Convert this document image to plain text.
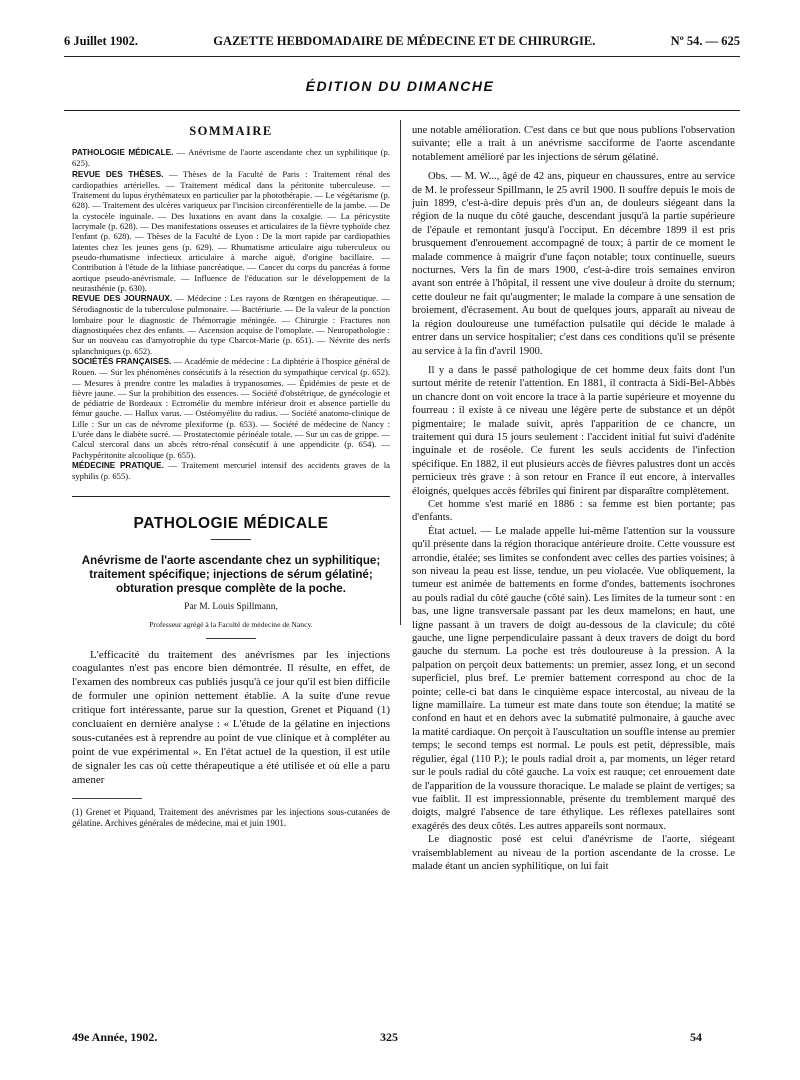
6 Juillet 1902.	GAZETTE HEBDOMADAIRE DE MÉDECINE ET DE CHIRURGIE.	Nº 54. — 625
ÉDITION DU DIMANCHE
SOMMAIRE

PATHOLOGIE MÉDICALE. — Anévrisme de l'aorte ascendante chez un syphilitique (p. 625).

REVUE DES THÈSES. — Thèses de la Faculté de Paris : Traitement rénal des cardiopathies artérielles. — Traitement médical dans la péritonite tuberculeuse. — Traitement du lupus érythémateux en particulier par la photothérapie. — Le végétarisme (p. 628). — Traitement des ulcères variqueux par l'incision circonférentielle de la jambe. — De la cystocèle inguinale. — Des luxations en avant dans la coxalgie. — La péricystite lacrymale (p. 628). — Des manifestations osseuses et articulaires de la fièvre typhoïde chez l'enfant (p. 628). — Thèses de la Faculté de Lyon : De la mort rapide par cardiopathies latentes chez les jeunes gens (p. 629). — Rhumatisme articulaire aigu tuberculeux ou pseudo-rhumatisme infectieux articulaire à marche aiguë, d'origine bacillaire. — Contribution à l'étude de la lithiase pancréatique. — Cancer du corps du pancréas à forme aortique pseudo-anévrismale. — Influence de l'éducation sur le développement de la neurasthénie (p. 630).

REVUE DES JOURNAUX. — Médecine : Les rayons de Rœntgen en thérapeutique. — Sérodiagnostic de la tuberculose pulmonaire. — Bactériurie. — De la valeur de la ponction lombaire pour le diagnostic de l'hémorragie méningée. — Chirurgie : Fractures non diagnostiquées chez des enfants. — Ascension acquise de l'omoplate. — Neuropathologie : Sur un nouveau cas d'amyotrophie du type Charcot-Marie (p. 651). — Névrite des nerfs splanchniques (p. 652).

SOCIÉTÉS FRANÇAISES. — Académie de médecine : La diphtérie à l'hospice général de Rouen. — Sur les phénomènes consécutifs à la résection du sympathique cervical (p. 652). — Mesures à prendre contre les maladies à trypanosomes. — Épidémies de peste et de fièvre jaune. — Sur la prohibition des essences. — Société d'obstétrique, de gynécologie et de pédiatrie de Bordeaux : Ectromélie du membre inférieur droit et absence partielle du fémur gauche. — Hallux varus. — Ostéomyélite du radius. — Société anatomo-clinique de Lille : Sur un cas de névrome plexiforme (p. 653). — Société de médecine de Nancy : L'urée dans le diabète sucré. — Prostatectomie périnéale totale. — Sur un cas de grippe. — Calcul stercoral dans un abcès rétro-rénal consécutif à une appendicite (p. 654). — Pachypéritonite alcoolique (p. 655).

MÉDECINE PRATIQUE. — Traitement mercuriel intensif des accidents graves de la syphilis (p. 655).

PATHOLOGIE MÉDICALE
Anévrisme de l'aorte ascendante chez un syphilitique; traitement spécifique; injections de sérum gélatiné; obturation presque complète de la poche.
Par M. Louis Spillmann,
Professeur agrégé à la Faculté de médecine de Nancy.

L'efficacité du traitement des anévrismes par les injections coagulantes n'est pas encore bien démontrée. Il résulte, en effet, de l'examen des nombreux cas publiés jusqu'à ce jour qu'il est bien difficile de formuler une opinion nettement établie. A la suite d'une revue critique fort intéressante, parue sur la question, Grenet et Piquand (1) concluaient en dernière analyse : « L'étude de la gélatine en injections sous-cutanées est à reprendre au point de vue clinique et à compléter au point de vue expérimental ». En l'état actuel de la question, il est utile de signaler les cas où cette thérapeutique a été utilisée et où elle a paru amener

(1) Grenet et Piquand, Traitement des anévrismes par les injections sous-cutanées de gélatine. Archives générales de médecine, mai et juin 1901.

une notable amélioration. C'est dans ce but que nous publions l'observation suivante; elle a trait à un anévrisme sacciforme de l'aorte ascendante notablement amélioré par les injections de sérum gélatiné.

Obs. — M. W..., âgé de 42 ans, piqueur en chaussures, entre au service de M. le professeur Spillmann, le 25 avril 1900. Il souffre depuis le mois de juin 1899, c'est-à-dire depuis près d'un an, de douleurs siégeant dans la région de la nuque du côté gauche, descendant jusqu'à la partie supérieure de l'épaule et remontant jusqu'à l'occiput. En décembre 1899 il est pris brusquement d'enrouement accompagné de toux; à partir de ce moment le malade commence à maigrir d'une façon notable; toux continuelle, sueurs nocturnes. Vers la fin de mars 1900, c'est-à-dire trois semaines environ avant son entrée à l'hôpital, il ressent une vive douleur à droite du sternum; cette douleur ne fait qu'augmenter; le malade la compare à une sensation de broiement, d'écrasement. Au bout de quelques jours, apparaît au niveau de la région douloureuse une tuméfaction pulsatile qui décide le malade à entrer dans un service hospitalier; c'est dans ces conditions qu'il se présente au service à la fin d'avril 1900.

Il y a dans le passé pathologique de cet homme deux faits dont l'un surtout mérite de retenir l'attention. En 1881, il contracta à Sidi-Bel-Abbès un chancre dont on voit encore la trace à la partie supérieure et moyenne du fourreau : il existe à ce niveau une légère perte de substance et un dépôt pigmentaire; le malade suivit, après l'apparition de ce chancre, un traitement qui dura 15 jours seulement : l'accident initial fut suivi d'adénite inguinale et de roséole. Ce furent les seuls accidents de l'infection spécifique. En 1882, il eut plusieurs accès de fièvres palustres dont un accès pernicieux très grave : à son retour en France il eut encore, à intervalles éloignés, quelques accès fébriles qui finirent par disparaître complètement.

Cet homme s'est marié en 1886 : sa femme est bien portante; pas d'enfants.

État actuel. — Le malade appelle lui-même l'attention sur la voussure qu'il présente dans la région thoracique antérieure droite. Cette voussure est arrondie, étalée; ses limites se confondent avec celles des parties voisines; à son niveau la peau est lisse, tendue, un peu violacée. Vue obliquement, la tumeur est animée de battements en forme d'ondes, battements isochrones au pouls radial du côté gauche (côté sain). Les limites de la tumeur sont : en bas, une ligne transversale passant par les deux mamelons; en haut, une ligne passant à un travers de doigt au-dessous de la clavicule; du côté gauche, une ligne perpendiculaire passant à deux travers de doigt du bord gauche du sternum. La poche est très douloureuse à la pression. A la palpation on perçoit deux battements: un premier, assez long, et un second superficiel, plus bref. Le premier battement correspond au choc de la pointe; celle-ci bat dans le cinquième espace intercostal, au niveau de la ligne mamillaire. La tumeur est mate dans toute son étendue; la matité se confond en haut et en dehors avec la submatité pulmonaire, à gauche avec la matité cardiaque. On perçoit à l'auscultation un souffle intense au premier temps; le second temps est normal. Le pouls est petit, dépressible, mais régulier, égal (110 P.); le pouls radial droit a, par moments, un léger retard sur le pouls radial du côté gauche. La voix est rauque; cet enrouement date de l'apparition de la voussure thoracique. Le malade se plaint de vertiges; sa vue faiblit. Il est impressionnable, présente du tremblement marqué des doigts, malgré l'absence de tare éthylique. Les réflexes patellaires sont exagérés des deux côtés. Les autres appareils sont normaux.

Le diagnostic posé est celui d'anévrisme de l'aorte, siégeant vraisemblablement au niveau de la portion ascendante de la crosse. Le malade étant un ancien syphilitique, on lui fait

49e Année, 1902.	325	54
